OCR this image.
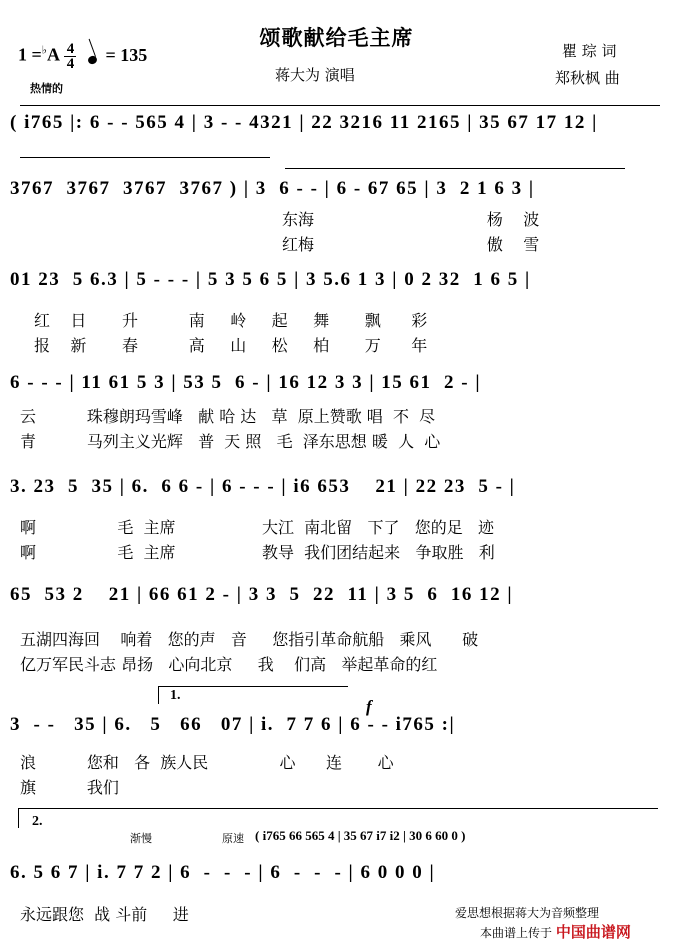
颂歌献给毛主席
蒋大为 演唱
瞿 琮 词
郑秋枫 曲
$1 =^♭A \frac{4}{4} = 135$
热情的
( i765 |: 6 - - 565 4 | 3 - - 4321 | 22 3216 11 2165 | 35 67 17 12 |
3767  3767  3767  3767 ) | 3  6 - - | 6 - 67 65 | 3  2 1 6 3 |
东海                                  杨    波
红梅                                  傲    雪
01 23  5 6.3 | 5 - - - | 5 3 5 6 5 | 3 5.6 1 3 | 0 2 32  1 6 5 |
红    日       升          南     岭     起     舞       飘      彩
报    新       春          高     山     松     柏       万      年
6 - - - | 11 61 5 3 | 53 5  6 - | 16 12 3 3 | 15 61  2 - |
云          珠穆朗玛雪峰   献 哈 达   草  原上赞歌 唱  不  尽
青          马列主义光辉   普  天 照   毛  泽东思想 暖  人  心
3. 23  5  35 | 6.  6 6 - | 6 - - - | i6 653    21 | 22 23  5 - |
啊                毛  主席                 大江  南北留   下了   您的足   迹
啊                毛  主席                 教导  我们团结起来   争取胜   利
65  53 2    21 | 66 61 2 - | 3 3  5  22  11 | 3 5  6  16 12 |
五湖四海回    响着   您的声   音     您指引革命航船   乘风      破
亿万军民斗志 昂扬   心向北京     我    们高   举起革命的红
1.
f
3  - -   35 | 6.   5   66   07 | i.  7 7 6 | 6 - - i765 :|
浪          您和   各  族人民              心      连       心
旗          我们
2.
渐慢	原速 ( i765 66 565 4 | 35 67 i7 i2 | 30 6 60 0 )
6. 5 6 7 | i. 7 7 2 | 6  -  -  - | 6  -  -  - | 6 0 0 0 |
永远跟您  战 斗前     进	爱思想根据蒋大为音频整理
本曲谱上传于 中国曲谱网
